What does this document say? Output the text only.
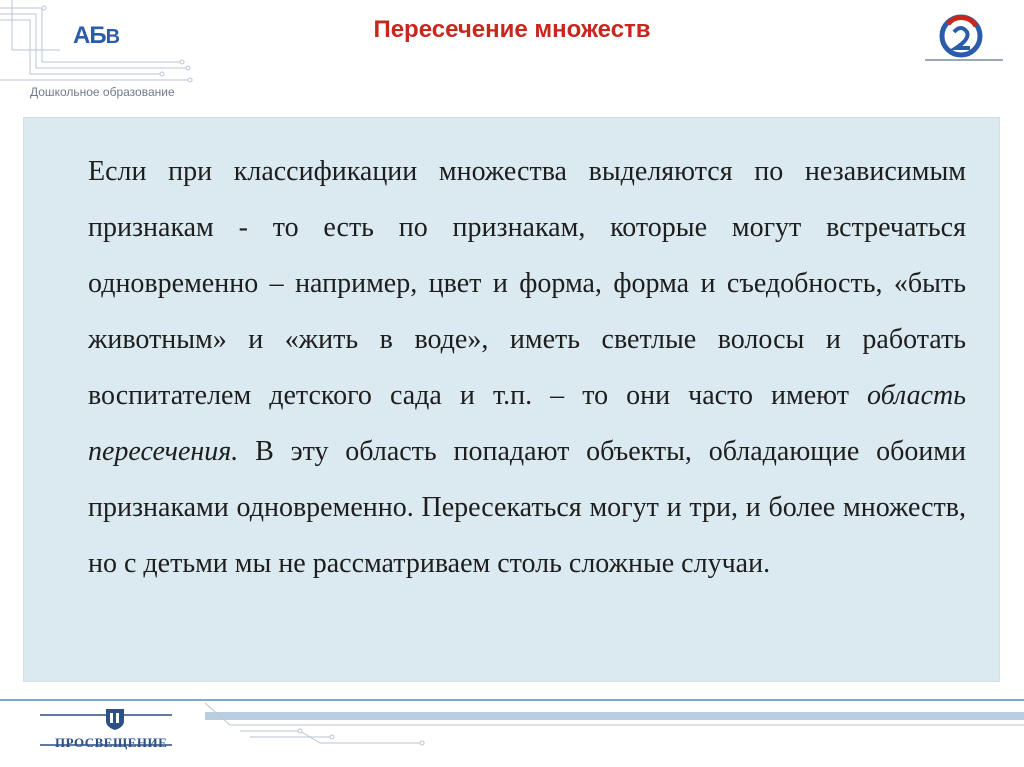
АБВ
Дошкольное образование
Пересечение множеств

Если при классификации множества выделяются по независимым признакам - то есть по признакам, которые могут встречаться одновременно – например, цвет и форма, форма и съедобность, «быть животным» и «жить в воде», иметь светлые волосы и работать воспитателем детского сада и т.п. – то они часто имеют область пересечения. В эту область попадают объекты, обладающие обоими признаками одновременно. Пересекаться могут и три, и более множеств, но с детьми мы не рассматриваем столь сложные случаи.

ПРОСВЕЩЕНИЕ
